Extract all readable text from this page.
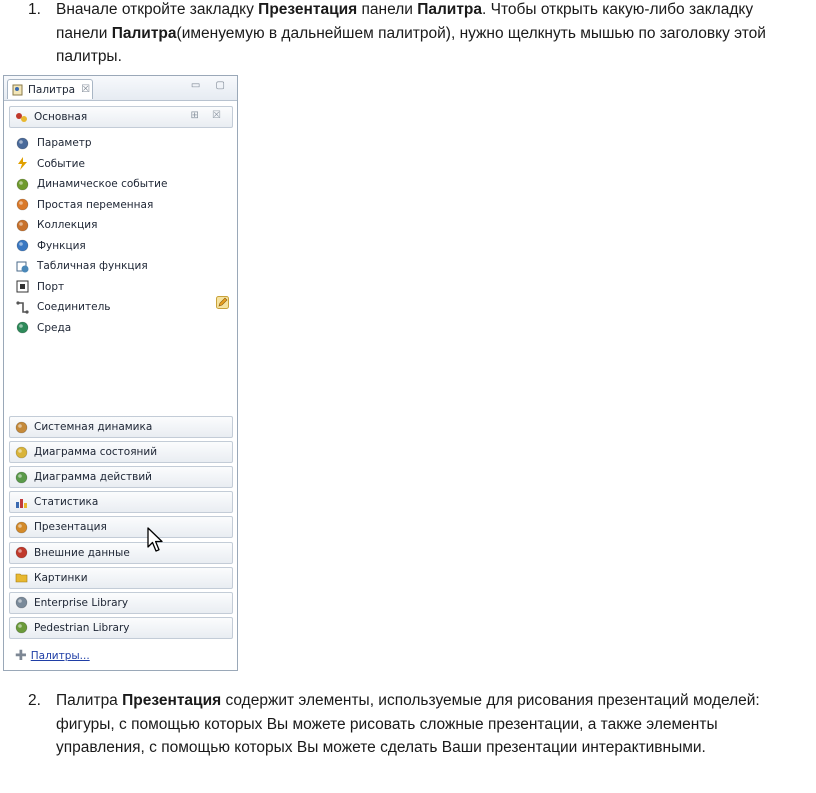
1. Вначале откройте закладку Презентация панели Палитра. Чтобы открыть какую-либо закладку панели Палитра(именуемую в дальнейшем палитрой), нужно щелкнуть мышью по заголовку этой палитры.
Палитра ☒	▭ ▢
Основная	⊞ ☒
Параметр
Событие
Динамическое событие
Простая переменная
Коллекция
Функция
Табличная функция
Порт
Соединитель
Среда
Системная динамика
Диаграмма состояний
Диаграмма действий
Статистика
Презентация
Внешние данные
Картинки
Enterprise Library
Pedestrian Library
✚ Палитры...
2. Палитра Презентация содержит элементы, используемые для рисования презентаций моделей: фигуры, с помощью которых Вы можете рисовать сложные презентации, а также элементы управления, с помощью которых Вы можете сделать Ваши презентации интерактивными.
